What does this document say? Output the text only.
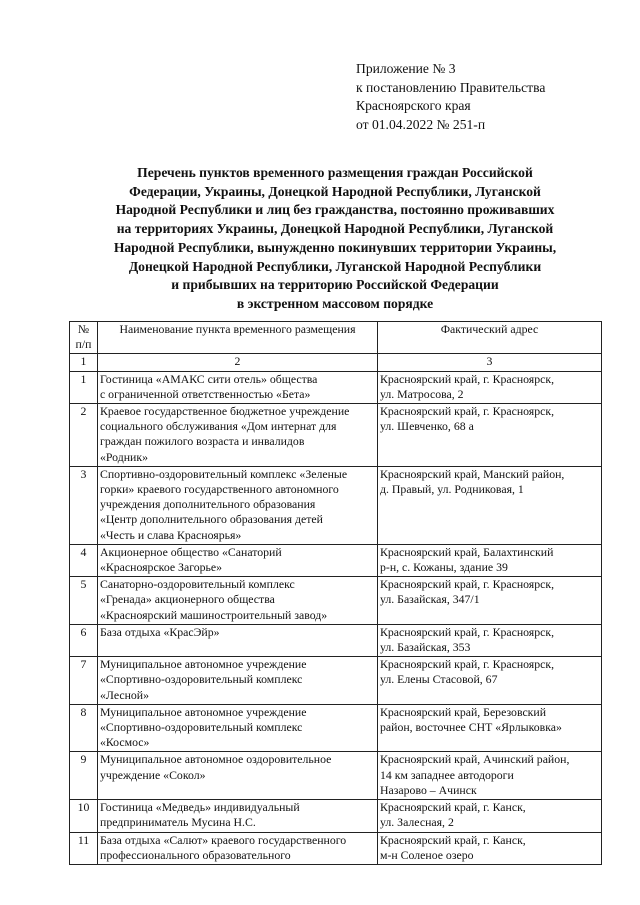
Приложение № 3
к постановлению Правительства
Красноярского края
от 01.04.2022 № 251-п
Перечень пунктов временного размещения граждан Российской
Федерации, Украины, Донецкой Народной Республики, Луганской
Народной Республики и лиц без гражданства, постоянно проживавших
на территориях Украины, Донецкой Народной Республики, Луганской
Народной Республики, вынужденно покинувших территории Украины,
Донецкой Народной Республики, Луганской Народной Республики
и прибывших на территорию Российской Федерации
в экстренном массовом порядке
№
п/п	Наименование пункта временного размещения	Фактический адрес
1	2	3
1	Гостиница «АМАКС сити отель» общества
с ограниченной ответственностью «Бета»	Красноярский край, г. Красноярск,
ул. Матросова, 2

2	Краевое государственное бюджетное учреждение
социального обслуживания «Дом интернат для
граждан пожилого возраста и инвалидов
«Родник»	Красноярский край, г. Красноярск,
ул. Шевченко, 68 а

3	Спортивно-оздоровительный комплекс «Зеленые
горки» краевого государственного автономного
учреждения дополнительного образования
«Центр дополнительного образования детей
«Честь и слава Красноярья»	Красноярский край, Манский район,
д. Правый, ул. Родниковая, 1

4	Акционерное общество «Санаторий
«Красноярское Загорье»	Красноярский край, Балахтинский
р-н, с. Кожаны, здание 39

5	Санаторно-оздоровительный комплекс
«Гренада» акционерного общества
«Красноярский машиностроительный завод»	Красноярский край, г. Красноярск,
ул. Базайская, 347/1

6	База отдыха «КрасЭйр»	Красноярский край, г. Красноярск,
ул. Базайская, 353

7	Муниципальное автономное учреждение
«Спортивно-оздоровительный комплекс
«Лесной»	Красноярский край, г. Красноярск,
ул. Елены Стасовой, 67

8	Муниципальное автономное учреждение
«Спортивно-оздоровительный комплекс
«Космос»	Красноярский край, Березовский
район, восточнее СНТ «Ярлыковка»

9	Муниципальное автономное оздоровительное
учреждение «Сокол»	Красноярский край, Ачинский район,
14 км западнее автодороги
Назарово – Ачинск

10	Гостиница «Медведь» индивидуальный
предприниматель Мусина Н.С.	Красноярский край, г. Канск,
ул. Залесная, 2

11	База отдыха «Салют» краевого государственного
профессионального образовательного	Красноярский край, г. Канск,
м-н Соленое озеро
